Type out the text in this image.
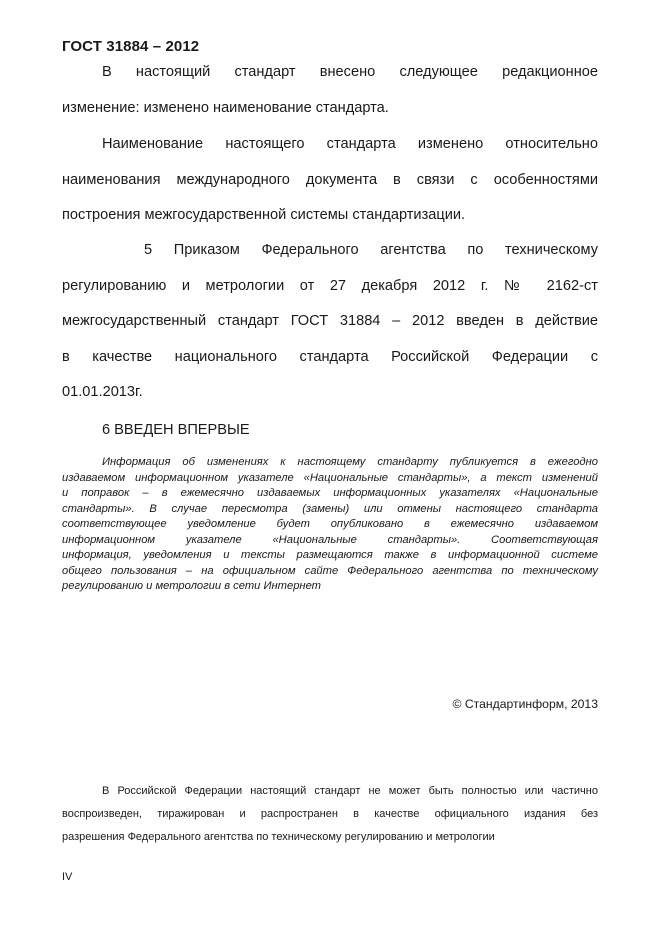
ГОСТ 31884 – 2012
В настоящий стандарт внесено следующее редакционное
изменение: изменено наименование стандарта.
Наименование настоящего стандарта изменено относительно
наименования международного документа в связи с особенностями
построения межгосударственной системы стандартизации.
5 Приказом Федерального агентства по техническому
регулированию и метрологии от 27 декабря 2012 г. № 2162-ст
межгосударственный стандарт ГОСТ 31884 – 2012 введен в действие
в качестве национального стандарта Российской Федерации с
01.01.2013г.
6 ВВЕДЕН ВПЕРВЫЕ
Информация об изменениях к настоящему стандарту публикуется в ежегодно
издаваемом информационном указателе «Национальные стандарты», а текст изменений
и поправок – в ежемесячно издаваемых информационных указателях «Национальные
стандарты». В случае пересмотра (замены) или отмены настоящего стандарта
соответствующее уведомление будет опубликовано в ежемесячно издаваемом
информационном указателе «Национальные стандарты». Соответствующая
информация, уведомления и тексты размещаются также в информационной системе
общего пользования – на официальном сайте Федерального агентства по техническому
регулированию и метрологии в сети Интернет
© Стандартинформ, 2013
В Российской Федерации настоящий стандарт не может быть полностью или частично
воспроизведен, тиражирован и распространен в качестве официального издания без
разрешения Федерального агентства по техническому регулированию и метрологии
IV
